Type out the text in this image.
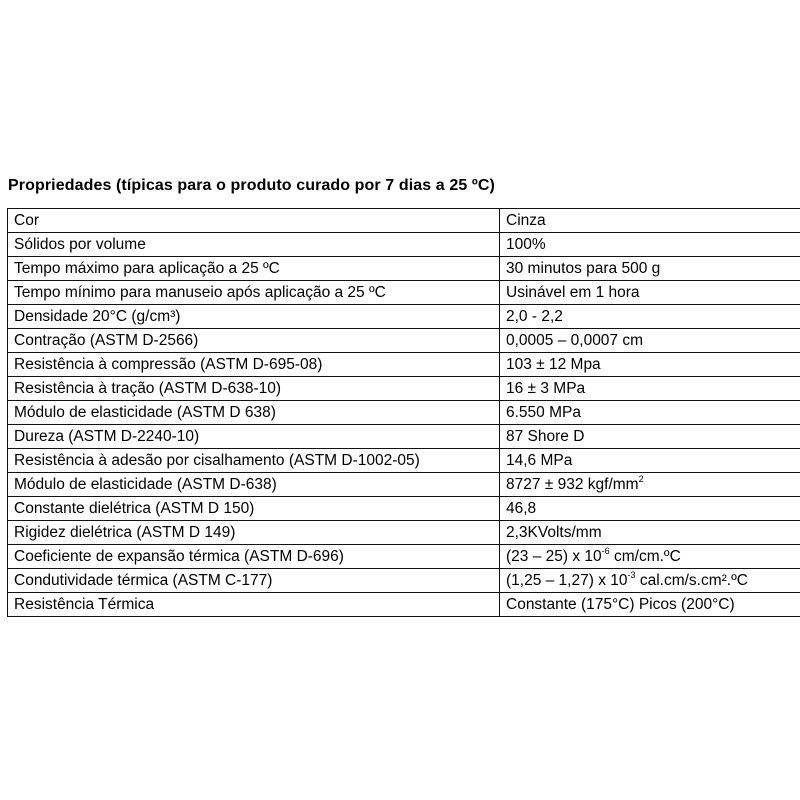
Propriedades (típicas para o produto curado por 7 dias a 25 ºC)
Cor	Cinza
Sólidos por volume	100%
Tempo máximo para aplicação a 25 ºC	30 minutos para 500 g
Tempo mínimo para manuseio após aplicação a 25 ºC	Usinável em 1 hora
Densidade 20°C (g/cm³)	2,0 - 2,2
Contração (ASTM D-2566)	0,0005 – 0,0007 cm
Resistência à compressão (ASTM D-695-08)	103 ± 12 Mpa
Resistência à tração (ASTM D-638-10)	16 ± 3 MPa
Módulo de elasticidade (ASTM D 638)	6.550 MPa
Dureza (ASTM D-2240-10)	87 Shore D
Resistência à adesão por cisalhamento (ASTM D-1002-05)	14,6 MPa
Módulo de elasticidade (ASTM D-638)	8727 ± 932 kgf/$mm^2$
Constante dielétrica (ASTM D 150)	46,8
Rigidez dielétrica (ASTM D 149)	2,3KVolts/mm
Coeficiente de expansão térmica (ASTM D-696)	(23 – 25) x $10^{-6}$ cm/cm.ºC
Condutividade térmica (ASTM C-177)	(1,25 – 1,27) x $10^{-3}$ cal.cm/s.cm².ºC
Resistência Térmica	Constante (175°C) Picos (200°C)
